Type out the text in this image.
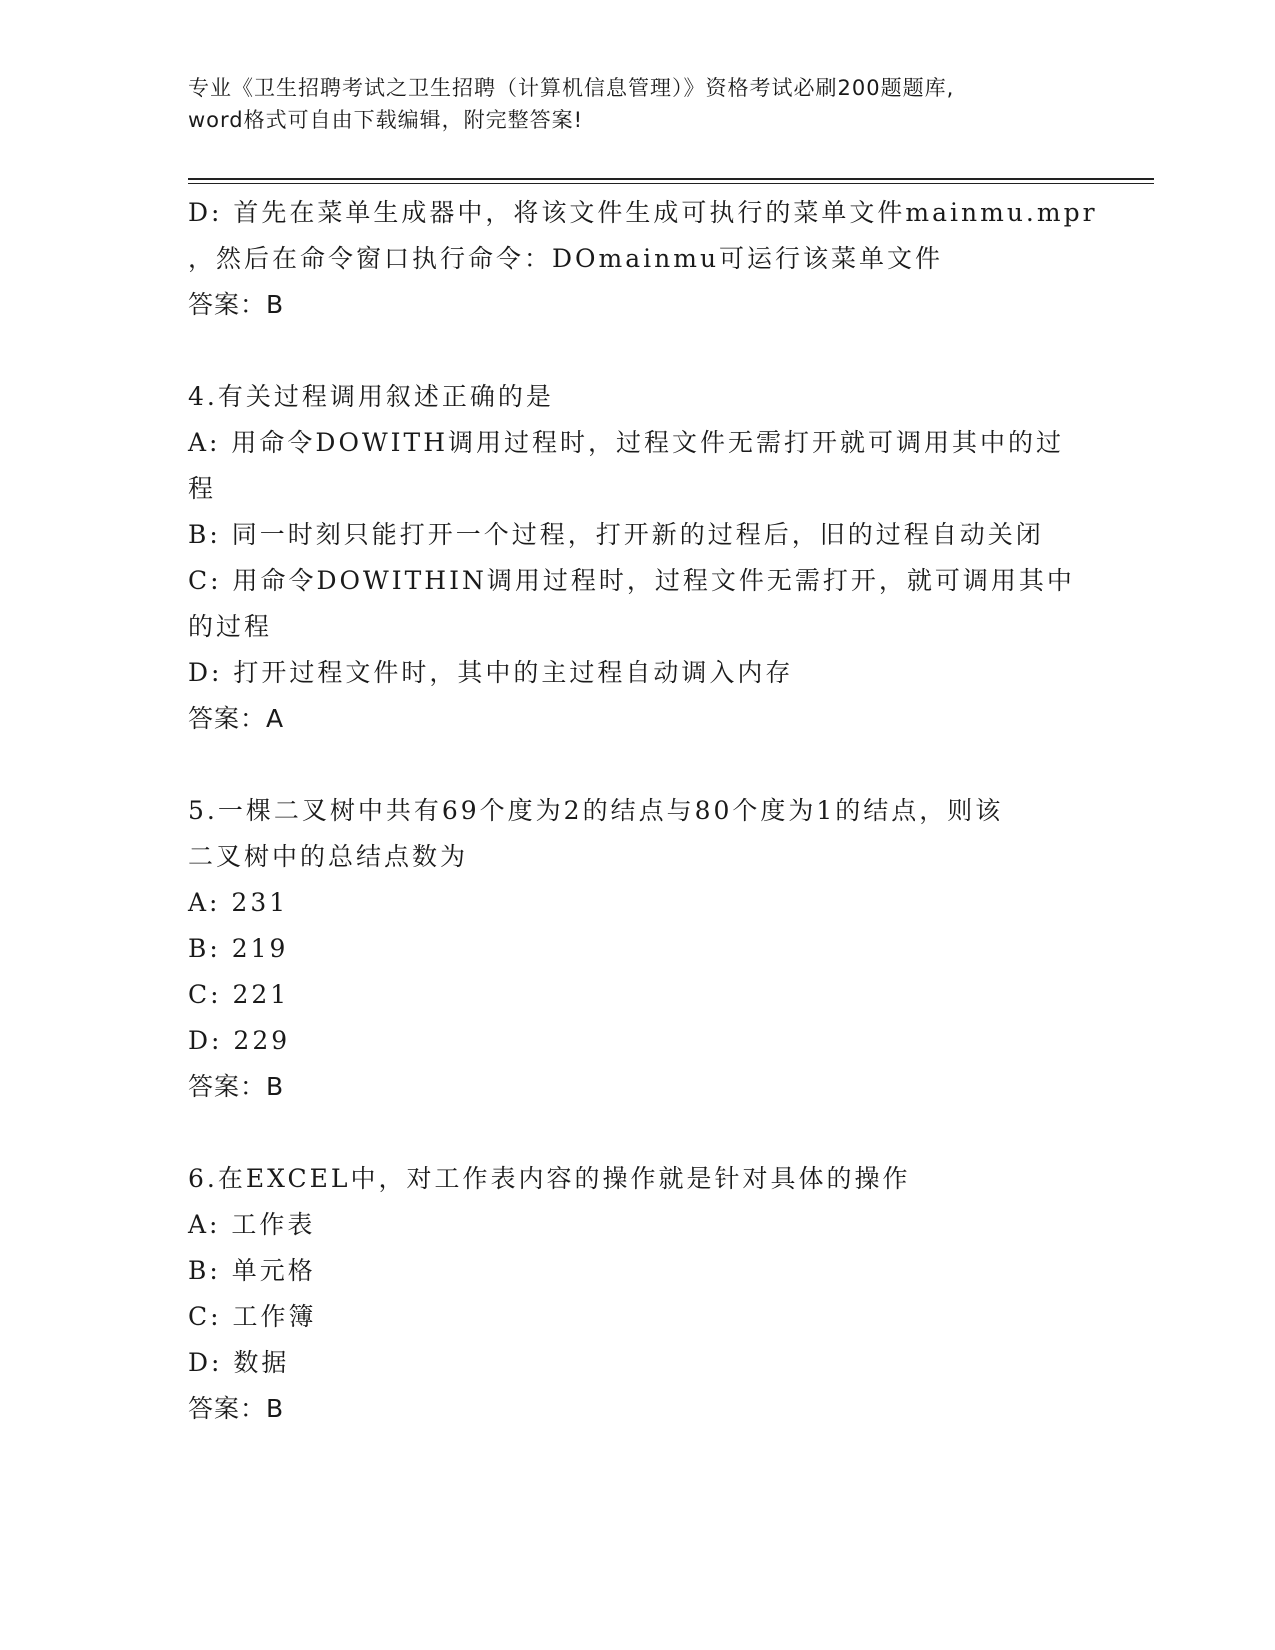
专业《卫生招聘考试之卫生招聘（计算机信息管理）》资格考试必刷200题题库,
word格式可自由下载编辑，附完整答案!
D: 首先在菜单生成器中，将该文件生成可执行的菜单文件mainmu.mpr
，然后在命令窗口执行命令：DOmainmu可运行该菜单文件
答案：B
4.有关过程调用叙述正确的是
A: 用命令DOWITH调用过程时，过程文件无需打开就可调用其中的过
程
B: 同一时刻只能打开一个过程，打开新的过程后，旧的过程自动关闭
C: 用命令DOWITHIN调用过程时，过程文件无需打开，就可调用其中
的过程
D: 打开过程文件时，其中的主过程自动调入内存
答案：A
5.一棵二叉树中共有69个度为2的结点与80个度为1的结点，则该
二叉树中的总结点数为
A: 231
B: 219
C: 221
D: 229
答案：B
6.在EXCEL中，对工作表内容的操作就是针对具体的操作
A: 工作表
B: 单元格
C: 工作簿
D: 数据
答案：B
